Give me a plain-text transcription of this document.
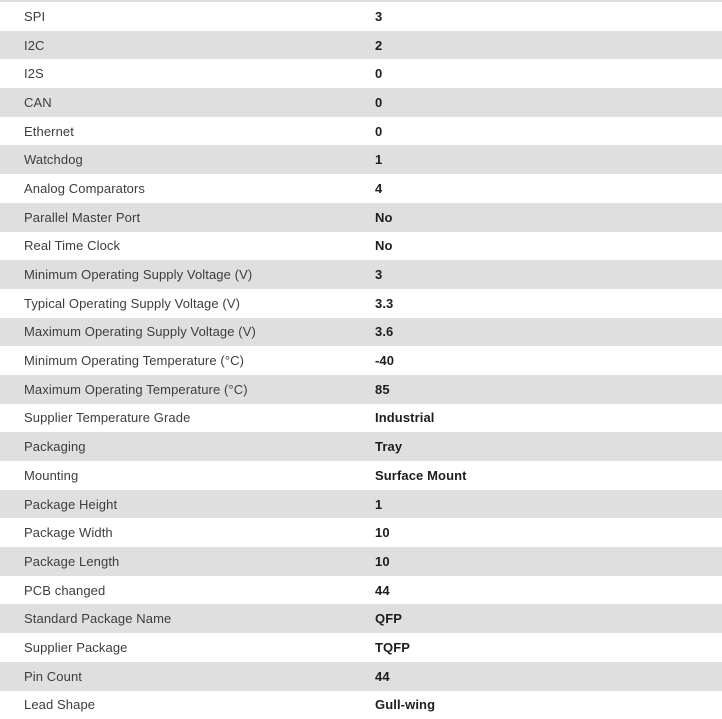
SPI	3
I2C	2
I2S	0
CAN	0
Ethernet	0
Watchdog	1
Analog Comparators	4
Parallel Master Port	No
Real Time Clock	No
Minimum Operating Supply Voltage (V)	3
Typical Operating Supply Voltage (V)	3.3
Maximum Operating Supply Voltage (V)	3.6
Minimum Operating Temperature (°C)	-40
Maximum Operating Temperature (°C)	85
Supplier Temperature Grade	Industrial
Packaging	Tray
Mounting	Surface Mount
Package Height	1
Package Width	10
Package Length	10
PCB changed	44
Standard Package Name	QFP
Supplier Package	TQFP
Pin Count	44
Lead Shape	Gull-wing
